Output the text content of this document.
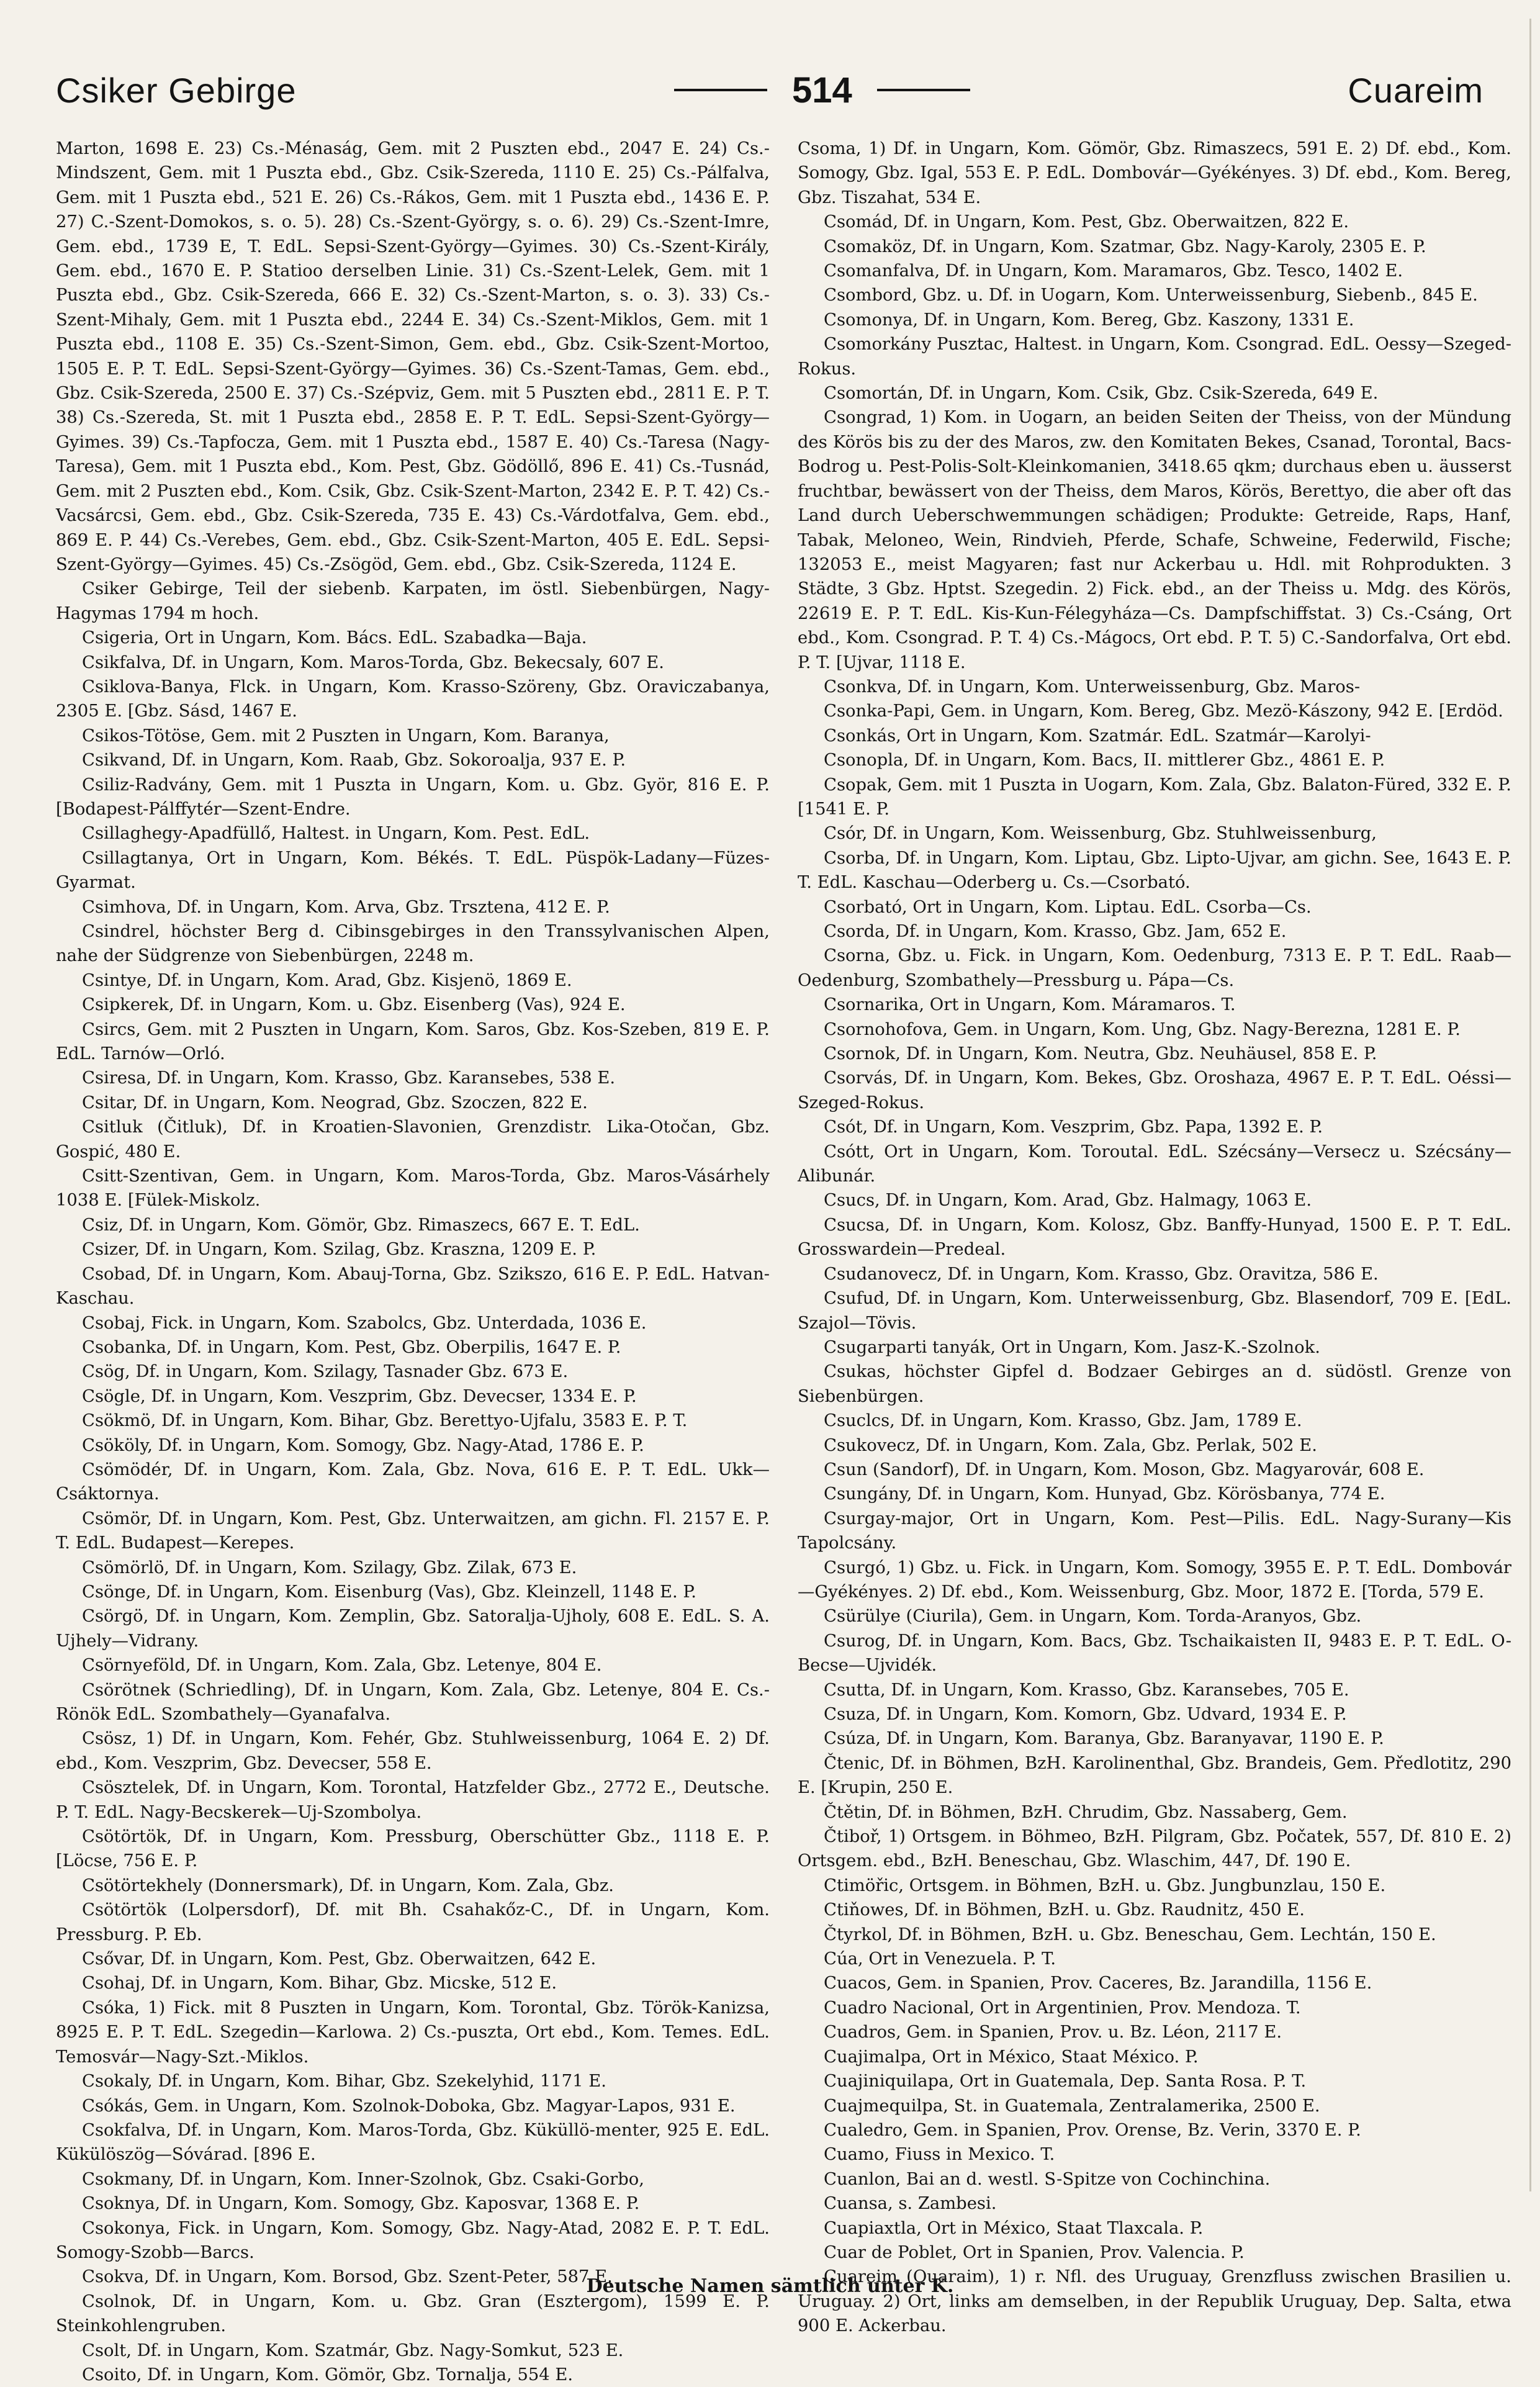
Csiker Gebirge	514	Cuareim

Marton, 1698 E. 23) Cs.-Ménaság, Gem. mit 2 Puszten ebd., 2047 E. 24) Cs.-Mindszent, Gem. mit 1 Puszta ebd., Gbz. Csik-Szereda, 1110 E. 25) Cs.-Pálfalva, Gem. mit 1 Puszta ebd., 521 E. 26) Cs.-Rákos, Gem. mit 1 Puszta ebd., 1436 E. P. 27) C.-Szent-Domokos, s. o. 5). 28) Cs.-Szent-György, s. o. 6). 29) Cs.-Szent-Imre, Gem. ebd., 1739 E, T. EdL. Sepsi-Szent-György—Gyimes. 30) Cs.-Szent-Király, Gem. ebd., 1670 E. P. Statioo derselben Linie. 31) Cs.-Szent-Lelek, Gem. mit 1 Puszta ebd., Gbz. Csik-Szereda, 666 E. 32) Cs.-Szent-Marton, s. o. 3). 33) Cs.-Szent-Mihaly, Gem. mit 1 Puszta ebd., 2244 E. 34) Cs.-Szent-Miklos, Gem. mit 1 Puszta ebd., 1108 E. 35) Cs.-Szent-Simon, Gem. ebd., Gbz. Csik-Szent-Mortoo, 1505 E. P. T. EdL. Sepsi-Szent-György—Gyimes. 36) Cs.-Szent-Tamas, Gem. ebd., Gbz. Csik-Szereda, 2500 E. 37) Cs.-Szépviz, Gem. mit 5 Puszten ebd., 2811 E. P. T. 38) Cs.-Szereda, St. mit 1 Puszta ebd., 2858 E. P. T. EdL. Sepsi-Szent-György—Gyimes. 39) Cs.-Tapfocza, Gem. mit 1 Puszta ebd., 1587 E. 40) Cs.-Taresa (Nagy-Taresa), Gem. mit 1 Puszta ebd., Kom. Pest, Gbz. Gödöllő, 896 E. 41) Cs.-Tusnád, Gem. mit 2 Puszten ebd., Kom. Csik, Gbz. Csik-Szent-Marton, 2342 E. P. T. 42) Cs.-Vacsárcsi, Gem. ebd., Gbz. Csik-Szereda, 735 E. 43) Cs.-Várdotfalva, Gem. ebd., 869 E. P. 44) Cs.-Verebes, Gem. ebd., Gbz. Csik-Szent-Marton, 405 E. EdL. Sepsi-Szent-György—Gyimes. 45) Cs.-Zsögöd, Gem. ebd., Gbz. Csik-Szereda, 1124 E.

Csiker Gebirge, Teil der siebenb. Karpaten, im östl. Siebenbürgen, Nagy-Hagymas 1794 m hoch.

Csigeria, Ort in Ungarn, Kom. Bács. EdL. Szabadka—Baja.

Csikfalva, Df. in Ungarn, Kom. Maros-Torda, Gbz. Bekecsaly, 607 E.

Csiklova-Banya, Flck. in Ungarn, Kom. Krasso-Szöreny, Gbz. Oraviczabanya, 2305 E. [Gbz. Sásd, 1467 E.

Csikos-Tötöse, Gem. mit 2 Puszten in Ungarn, Kom. Baranya,

Csikvand, Df. in Ungarn, Kom. Raab, Gbz. Sokoroalja, 937 E. P.

Csiliz-Radvány, Gem. mit 1 Puszta in Ungarn, Kom. u. Gbz. Györ, 816 E. P. [Bodapest-Pálffytér—Szent-Endre.

Csillaghegy-Apadfüllő, Haltest. in Ungarn, Kom. Pest. EdL.

Csillagtanya, Ort in Ungarn, Kom. Békés. T. EdL. Püspök-Ladany—Füzes-Gyarmat.

Csimhova, Df. in Ungarn, Kom. Arva, Gbz. Trsztena, 412 E. P.

Csindrel, höchster Berg d. Cibinsgebirges in den Transsylvanischen Alpen, nahe der Südgrenze von Siebenbürgen, 2248 m.

Csintye, Df. in Ungarn, Kom. Arad, Gbz. Kisjenö, 1869 E.

Csipkerek, Df. in Ungarn, Kom. u. Gbz. Eisenberg (Vas), 924 E.

Csircs, Gem. mit 2 Puszten in Ungarn, Kom. Saros, Gbz. Kos-Szeben, 819 E. P. EdL. Tarnów—Orló.

Csiresa, Df. in Ungarn, Kom. Krasso, Gbz. Karansebes, 538 E.

Csitar, Df. in Ungarn, Kom. Neograd, Gbz. Szoczen, 822 E.

Csitluk (Čitluk), Df. in Kroatien-Slavonien, Grenzdistr. Lika-Otočan, Gbz. Gospić, 480 E.

Csitt-Szentivan, Gem. in Ungarn, Kom. Maros-Torda, Gbz. Maros-Vásárhely 1038 E. [Fülek-Miskolz.

Csiz, Df. in Ungarn, Kom. Gömör, Gbz. Rimaszecs, 667 E. T. EdL.

Csizer, Df. in Ungarn, Kom. Szilag, Gbz. Kraszna, 1209 E. P.

Csobad, Df. in Ungarn, Kom. Abauj-Torna, Gbz. Szikszo, 616 E. P. EdL. Hatvan-Kaschau.

Csobaj, Fick. in Ungarn, Kom. Szabolcs, Gbz. Unterdada, 1036 E.

Csobanka, Df. in Ungarn, Kom. Pest, Gbz. Oberpilis, 1647 E. P.

Csög, Df. in Ungarn, Kom. Szilagy, Tasnader Gbz. 673 E.

Csögle, Df. in Ungarn, Kom. Veszprim, Gbz. Devecser, 1334 E. P.

Csökmö, Df. in Ungarn, Kom. Bihar, Gbz. Berettyo-Ujfalu, 3583 E. P. T.

Csököly, Df. in Ungarn, Kom. Somogy, Gbz. Nagy-Atad, 1786 E. P.

Csömödér, Df. in Ungarn, Kom. Zala, Gbz. Nova, 616 E. P. T. EdL. Ukk—Csáktornya.

Csömör, Df. in Ungarn, Kom. Pest, Gbz. Unterwaitzen, am gichn. Fl. 2157 E. P. T. EdL. Budapest—Kerepes.

Csömörlö, Df. in Ungarn, Kom. Szilagy, Gbz. Zilak, 673 E.

Csönge, Df. in Ungarn, Kom. Eisenburg (Vas), Gbz. Kleinzell, 1148 E. P.

Csörgö, Df. in Ungarn, Kom. Zemplin, Gbz. Satoralja-Ujholy, 608 E. EdL. S. A. Ujhely—Vidrany.

Csörnyeföld, Df. in Ungarn, Kom. Zala, Gbz. Letenye, 804 E.

Csörötnek (Schriedling), Df. in Ungarn, Kom. Zala, Gbz. Letenye, 804 E. Cs.-Rönök EdL. Szombathely—Gyanafalva.

Csösz, 1) Df. in Ungarn, Kom. Fehér, Gbz. Stuhlweissenburg, 1064 E. 2) Df. ebd., Kom. Veszprim, Gbz. Devecser, 558 E.

Csösztelek, Df. in Ungarn, Kom. Torontal, Hatzfelder Gbz., 2772 E., Deutsche. P. T. EdL. Nagy-Becskerek—Uj-Szombolya.

Csötörtök, Df. in Ungarn, Kom. Pressburg, Oberschütter Gbz., 1118 E. P. [Löcse, 756 E. P.

Csötörtekhely (Donnersmark), Df. in Ungarn, Kom. Zala, Gbz.

Csötörtök (Lolpersdorf), Df. mit Bh. Csahakőz-C., Df. in Ungarn, Kom. Pressburg. P. Eb.

Csővar, Df. in Ungarn, Kom. Pest, Gbz. Oberwaitzen, 642 E.

Csohaj, Df. in Ungarn, Kom. Bihar, Gbz. Micske, 512 E.

Csóka, 1) Fick. mit 8 Puszten in Ungarn, Kom. Torontal, Gbz. Török-Kanizsa, 8925 E. P. T. EdL. Szegedin—Karlowa. 2) Cs.-puszta, Ort ebd., Kom. Temes. EdL. Temosvár—Nagy-Szt.-Miklos.

Csokaly, Df. in Ungarn, Kom. Bihar, Gbz. Szekelyhid, 1171 E.

Csókás, Gem. in Ungarn, Kom. Szolnok-Doboka, Gbz. Magyar-Lapos, 931 E.

Csokfalva, Df. in Ungarn, Kom. Maros-Torda, Gbz. Küküllö-menter, 925 E. EdL. Kükülöszög—Sóvárad. [896 E.

Csokmany, Df. in Ungarn, Kom. Inner-Szolnok, Gbz. Csaki-Gorbo,

Csoknya, Df. in Ungarn, Kom. Somogy, Gbz. Kaposvar, 1368 E. P.

Csokonya, Fick. in Ungarn, Kom. Somogy, Gbz. Nagy-Atad, 2082 E. P. T. EdL. Somogy-Szobb—Barcs.

Csokva, Df. in Ungarn, Kom. Borsod, Gbz. Szent-Peter, 587 E.

Csolnok, Df. in Ungarn, Kom. u. Gbz. Gran (Esztergom), 1599 E. P. Steinkohlengruben.

Csolt, Df. in Ungarn, Kom. Szatmár, Gbz. Nagy-Somkut, 523 E.

Csoito, Df. in Ungarn, Kom. Gömör, Gbz. Tornalja, 554 E.

Csoma, 1) Df. in Ungarn, Kom. Gömör, Gbz. Rimaszecs, 591 E. 2) Df. ebd., Kom. Somogy, Gbz. Igal, 553 E. P. EdL. Dombovár—Gyékényes. 3) Df. ebd., Kom. Bereg, Gbz. Tiszahat, 534 E.

Csomád, Df. in Ungarn, Kom. Pest, Gbz. Oberwaitzen, 822 E.

Csomaköz, Df. in Ungarn, Kom. Szatmar, Gbz. Nagy-Karoly, 2305 E. P.

Csomanfalva, Df. in Ungarn, Kom. Maramaros, Gbz. Tesco, 1402 E.

Csombord, Gbz. u. Df. in Uogarn, Kom. Unterweissenburg, Siebenb., 845 E.

Csomonya, Df. in Ungarn, Kom. Bereg, Gbz. Kaszony, 1331 E.

Csomorkány Pusztac, Haltest. in Ungarn, Kom. Csongrad. EdL. Oessy—Szeged-Rokus.

Csomortán, Df. in Ungarn, Kom. Csik, Gbz. Csik-Szereda, 649 E.

Csongrad, 1) Kom. in Uogarn, an beiden Seiten der Theiss, von der Mündung des Körös bis zu der des Maros, zw. den Komitaten Bekes, Csanad, Torontal, Bacs-Bodrog u. Pest-Polis-Solt-Kleinkomanien, 3418.65 qkm; durchaus eben u. äusserst fruchtbar, bewässert von der Theiss, dem Maros, Körös, Berettyo, die aber oft das Land durch Ueberschwemmungen schädigen; Produkte: Getreide, Raps, Hanf, Tabak, Meloneo, Wein, Rindvieh, Pferde, Schafe, Schweine, Federwild, Fische; 132053 E., meist Magyaren; fast nur Ackerbau u. Hdl. mit Rohprodukten. 3 Städte, 3 Gbz. Hptst. Szegedin. 2) Fick. ebd., an der Theiss u. Mdg. des Körös, 22619 E. P. T. EdL. Kis-Kun-Félegyháza—Cs. Dampfschiffstat. 3) Cs.-Csáng, Ort ebd., Kom. Csongrad. P. T. 4) Cs.-Mágocs, Ort ebd. P. T. 5) C.-Sandorfalva, Ort ebd. P. T. [Ujvar, 1118 E.

Csonkva, Df. in Ungarn, Kom. Unterweissenburg, Gbz. Maros-

Csonka-Papi, Gem. in Ungarn, Kom. Bereg, Gbz. Mezö-Kászony, 942 E. [Erdöd.

Csonkás, Ort in Ungarn, Kom. Szatmár. EdL. Szatmár—Karolyi-

Csonopla, Df. in Ungarn, Kom. Bacs, II. mittlerer Gbz., 4861 E. P.

Csopak, Gem. mit 1 Puszta in Uogarn, Kom. Zala, Gbz. Balaton-Füred, 332 E. P. [1541 E. P.

Csór, Df. in Ungarn, Kom. Weissenburg, Gbz. Stuhlweissenburg,

Csorba, Df. in Ungarn, Kom. Liptau, Gbz. Lipto-Ujvar, am gichn. See, 1643 E. P. T. EdL. Kaschau—Oderberg u. Cs.—Csorbató.

Csorbató, Ort in Ungarn, Kom. Liptau. EdL. Csorba—Cs.

Csorda, Df. in Ungarn, Kom. Krasso, Gbz. Jam, 652 E.

Csorna, Gbz. u. Fick. in Ungarn, Kom. Oedenburg, 7313 E. P. T. EdL. Raab—Oedenburg, Szombathely—Pressburg u. Pápa—Cs.

Csornarika, Ort in Ungarn, Kom. Máramaros. T.

Csornohofova, Gem. in Ungarn, Kom. Ung, Gbz. Nagy-Berezna, 1281 E. P.

Csornok, Df. in Ungarn, Kom. Neutra, Gbz. Neuhäusel, 858 E. P.

Csorvás, Df. in Ungarn, Kom. Bekes, Gbz. Oroshaza, 4967 E. P. T. EdL. Oéssi—Szeged-Rokus.

Csót, Df. in Ungarn, Kom. Veszprim, Gbz. Papa, 1392 E. P.

Csótt, Ort in Ungarn, Kom. Toroutal. EdL. Szécsány—Versecz u. Szécsány—Alibunár.

Csucs, Df. in Ungarn, Kom. Arad, Gbz. Halmagy, 1063 E.

Csucsa, Df. in Ungarn, Kom. Kolosz, Gbz. Banffy-Hunyad, 1500 E. P. T. EdL. Grosswardein—Predeal.

Csudanovecz, Df. in Ungarn, Kom. Krasso, Gbz. Oravitza, 586 E.

Csufud, Df. in Ungarn, Kom. Unterweissenburg, Gbz. Blasendorf, 709 E. [EdL. Szajol—Tövis.

Csugarparti tanyák, Ort in Ungarn, Kom. Jasz-K.-Szolnok.

Csukas, höchster Gipfel d. Bodzaer Gebirges an d. südöstl. Grenze von Siebenbürgen.

Csuclcs, Df. in Ungarn, Kom. Krasso, Gbz. Jam, 1789 E.

Csukovecz, Df. in Ungarn, Kom. Zala, Gbz. Perlak, 502 E.

Csun (Sandorf), Df. in Ungarn, Kom. Moson, Gbz. Magyarovár, 608 E.

Csungány, Df. in Ungarn, Kom. Hunyad, Gbz. Körösbanya, 774 E.

Csurgay-major, Ort in Ungarn, Kom. Pest—Pilis. EdL. Nagy-Surany—Kis Tapolcsány.

Csurgó, 1) Gbz. u. Fick. in Ungarn, Kom. Somogy, 3955 E. P. T. EdL. Dombovár—Gyékényes. 2) Df. ebd., Kom. Weissenburg, Gbz. Moor, 1872 E. [Torda, 579 E.

Csürülye (Ciurila), Gem. in Ungarn, Kom. Torda-Aranyos, Gbz.

Csurog, Df. in Ungarn, Kom. Bacs, Gbz. Tschaikaisten II, 9483 E. P. T. EdL. O-Becse—Ujvidék.

Csutta, Df. in Ungarn, Kom. Krasso, Gbz. Karansebes, 705 E.

Csuza, Df. in Ungarn, Kom. Komorn, Gbz. Udvard, 1934 E. P.

Csúza, Df. in Ungarn, Kom. Baranya, Gbz. Baranyavar, 1190 E. P.

Čtenic, Df. in Böhmen, BzH. Karolinenthal, Gbz. Brandeis, Gem. Předlotitz, 290 E. [Krupin, 250 E.

Čtětin, Df. in Böhmen, BzH. Chrudim, Gbz. Nassaberg, Gem.

Čtiboř, 1) Ortsgem. in Böhmeo, BzH. Pilgram, Gbz. Počatek, 557, Df. 810 E. 2) Ortsgem. ebd., BzH. Beneschau, Gbz. Wlaschim, 447, Df. 190 E.

Ctimöřic, Ortsgem. in Böhmen, BzH. u. Gbz. Jungbunzlau, 150 E.

Ctiňowes, Df. in Böhmen, BzH. u. Gbz. Raudnitz, 450 E.

Čtyrkol, Df. in Böhmen, BzH. u. Gbz. Beneschau, Gem. Lechtán, 150 E.

Cúa, Ort in Venezuela. P. T.

Cuacos, Gem. in Spanien, Prov. Caceres, Bz. Jarandilla, 1156 E.

Cuadro Nacional, Ort in Argentinien, Prov. Mendoza. T.

Cuadros, Gem. in Spanien, Prov. u. Bz. Léon, 2117 E.

Cuajimalpa, Ort in México, Staat México. P.

Cuajiniquilapa, Ort in Guatemala, Dep. Santa Rosa. P. T.

Cuajmequilpa, St. in Guatemala, Zentralamerika, 2500 E.

Cualedro, Gem. in Spanien, Prov. Orense, Bz. Verin, 3370 E. P.

Cuamo, Fiuss in Mexico. T.

Cuanlon, Bai an d. westl. S-Spitze von Cochinchina.

Cuansa, s. Zambesi.

Cuapiaxtla, Ort in México, Staat Tlaxcala. P.

Cuar de Poblet, Ort in Spanien, Prov. Valencia. P.

Cuareim (Quaraim), 1) r. Nfl. des Uruguay, Grenzfluss zwischen Brasilien u. Uruguay. 2) Ort, links am demselben, in der Republik Uruguay, Dep. Salta, etwa 900 E. Ackerbau.

Deutsche Namen sämtlich unter K.
